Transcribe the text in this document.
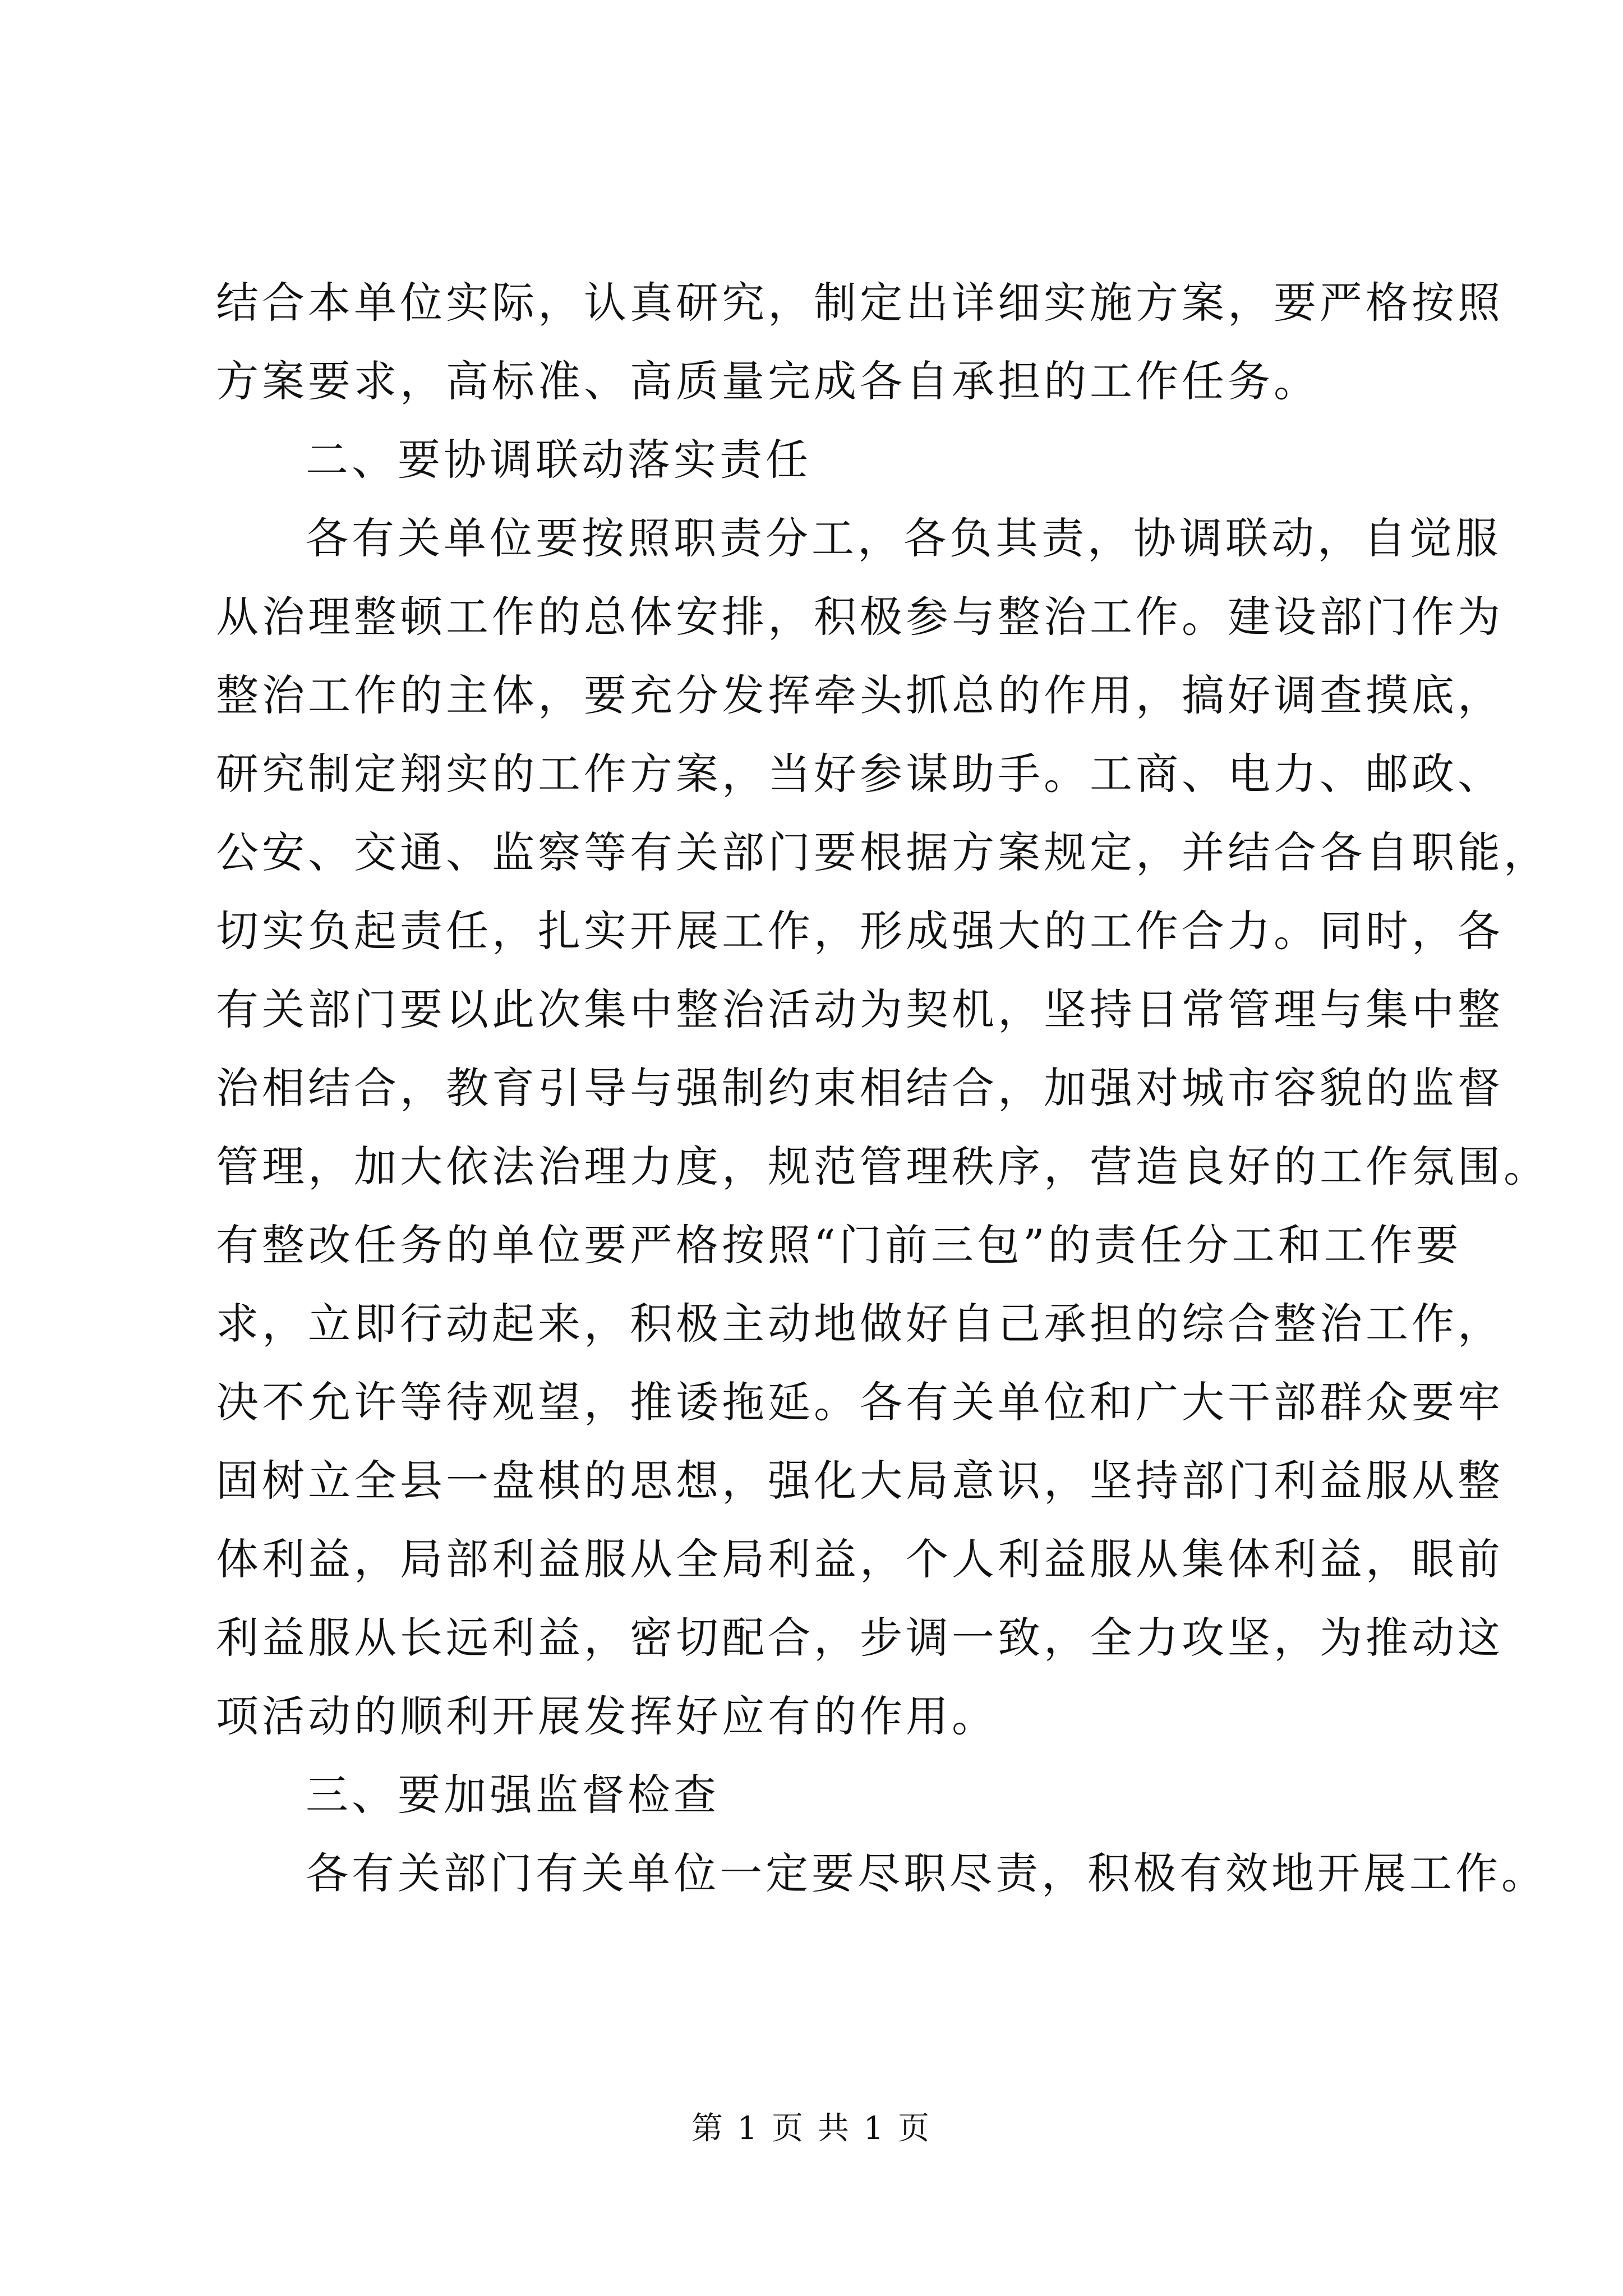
结合本单位实际，认真研究，制定出详细实施方案，要严格按照
方案要求，高标准、高质量完成各自承担的工作任务。
二、要协调联动落实责任
各有关单位要按照职责分工，各负其责，协调联动，自觉服
从治理整顿工作的总体安排，积极参与整治工作。建设部门作为
整治工作的主体，要充分发挥牵头抓总的作用，搞好调查摸底，
研究制定翔实的工作方案，当好参谋助手。工商、电力、邮政、
公安、交通、监察等有关部门要根据方案规定，并结合各自职能，
切实负起责任，扎实开展工作，形成强大的工作合力。同时，各
有关部门要以此次集中整治活动为契机，坚持日常管理与集中整
治相结合，教育引导与强制约束相结合，加强对城市容貌的监督
管理，加大依法治理力度，规范管理秩序，营造良好的工作氛围。
有整改任务的单位要严格按照“门前三包”的责任分工和工作要
求，立即行动起来，积极主动地做好自己承担的综合整治工作，
决不允许等待观望，推诿拖延。各有关单位和广大干部群众要牢
固树立全县一盘棋的思想，强化大局意识，坚持部门利益服从整
体利益，局部利益服从全局利益，个人利益服从集体利益，眼前
利益服从长远利益，密切配合，步调一致，全力攻坚，为推动这
项活动的顺利开展发挥好应有的作用。
三、要加强监督检查
各有关部门有关单位一定要尽职尽责，积极有效地开展工作。
第 1 页 共 1 页
